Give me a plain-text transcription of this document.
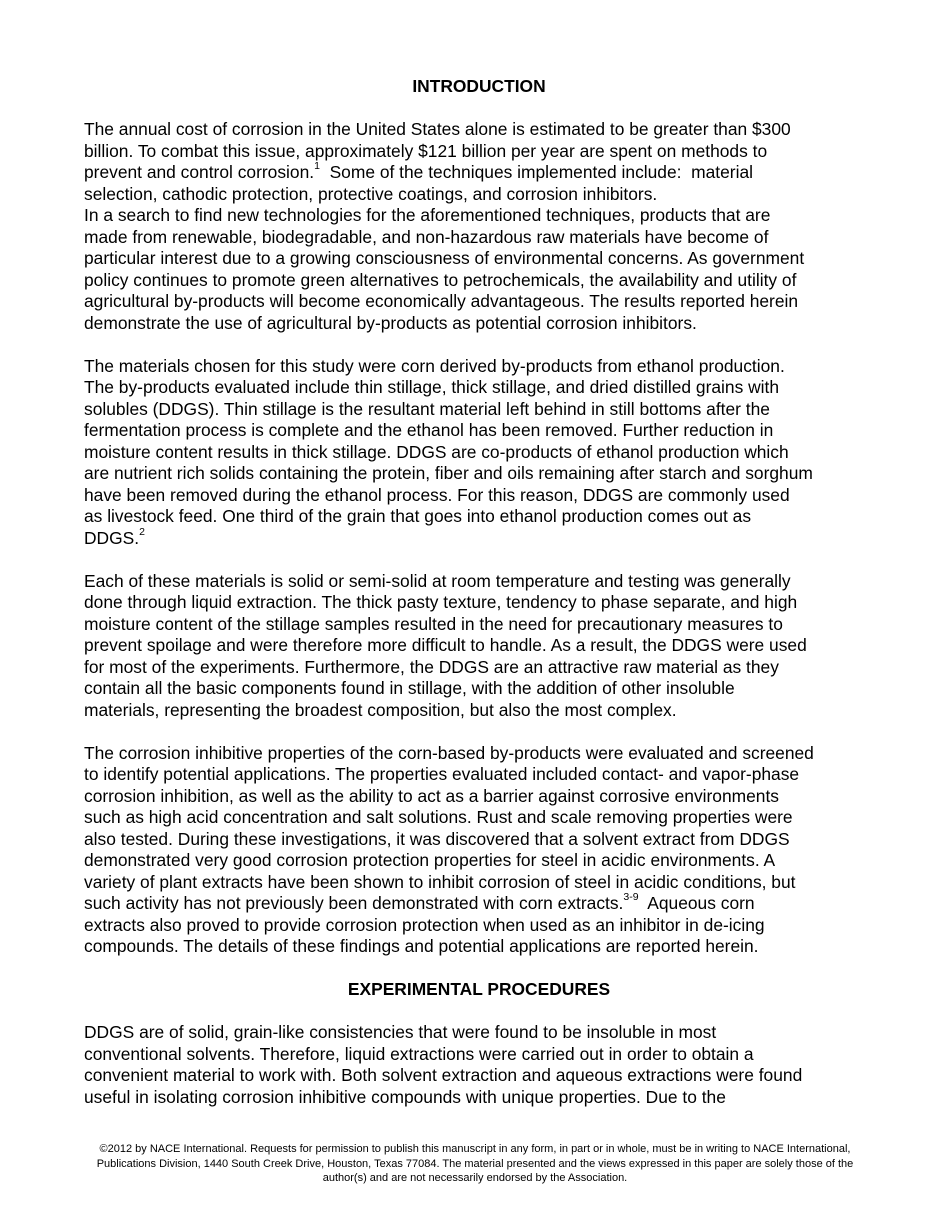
INTRODUCTION

The annual cost of corrosion in the United States alone is estimated to be greater than $300
billion. To combat this issue, approximately $121 billion per year are spent on methods to
prevent and control corrosion.$^1$  Some of the techniques implemented include:  material
selection, cathodic protection, protective coatings, and corrosion inhibitors.

In a search to find new technologies for the aforementioned techniques, products that are
made from renewable, biodegradable, and non-hazardous raw materials have become of
particular interest due to a growing consciousness of environmental concerns. As government
policy continues to promote green alternatives to petrochemicals, the availability and utility of
agricultural by-products will become economically advantageous. The results reported herein
demonstrate the use of agricultural by-products as potential corrosion inhibitors.

The materials chosen for this study were corn derived by-products from ethanol production.
The by-products evaluated include thin stillage, thick stillage, and dried distilled grains with
solubles (DDGS). Thin stillage is the resultant material left behind in still bottoms after the
fermentation process is complete and the ethanol has been removed. Further reduction in
moisture content results in thick stillage. DDGS are co-products of ethanol production which
are nutrient rich solids containing the protein, fiber and oils remaining after starch and sorghum
have been removed during the ethanol process. For this reason, DDGS are commonly used
as livestock feed. One third of the grain that goes into ethanol production comes out as
DDGS.$^2$

Each of these materials is solid or semi-solid at room temperature and testing was generally
done through liquid extraction. The thick pasty texture, tendency to phase separate, and high
moisture content of the stillage samples resulted in the need for precautionary measures to
prevent spoilage and were therefore more difficult to handle. As a result, the DDGS were used
for most of the experiments. Furthermore, the DDGS are an attractive raw material as they
contain all the basic components found in stillage, with the addition of other insoluble
materials, representing the broadest composition, but also the most complex.

The corrosion inhibitive properties of the corn-based by-products were evaluated and screened
to identify potential applications. The properties evaluated included contact- and vapor-phase
corrosion inhibition, as well as the ability to act as a barrier against corrosive environments
such as high acid concentration and salt solutions. Rust and scale removing properties were
also tested. During these investigations, it was discovered that a solvent extract from DDGS
demonstrated very good corrosion protection properties for steel in acidic environments. A
variety of plant extracts have been shown to inhibit corrosion of steel in acidic conditions, but
such activity has not previously been demonstrated with corn extracts.$^{3-9}$  Aqueous corn
extracts also proved to provide corrosion protection when used as an inhibitor in de-icing
compounds. The details of these findings and potential applications are reported herein.

EXPERIMENTAL PROCEDURES

DDGS are of solid, grain-like consistencies that were found to be insoluble in most
conventional solvents. Therefore, liquid extractions were carried out in order to obtain a
convenient material to work with. Both solvent extraction and aqueous extractions were found
useful in isolating corrosion inhibitive compounds with unique properties. Due to the

©2012 by NACE International. Requests for permission to publish this manuscript in any form, in part or in whole, must be in writing to NACE International,
Publications Division, 1440 South Creek Drive, Houston, Texas 77084. The material presented and the views expressed in this paper are solely those of the
author(s) and are not necessarily endorsed by the Association.
